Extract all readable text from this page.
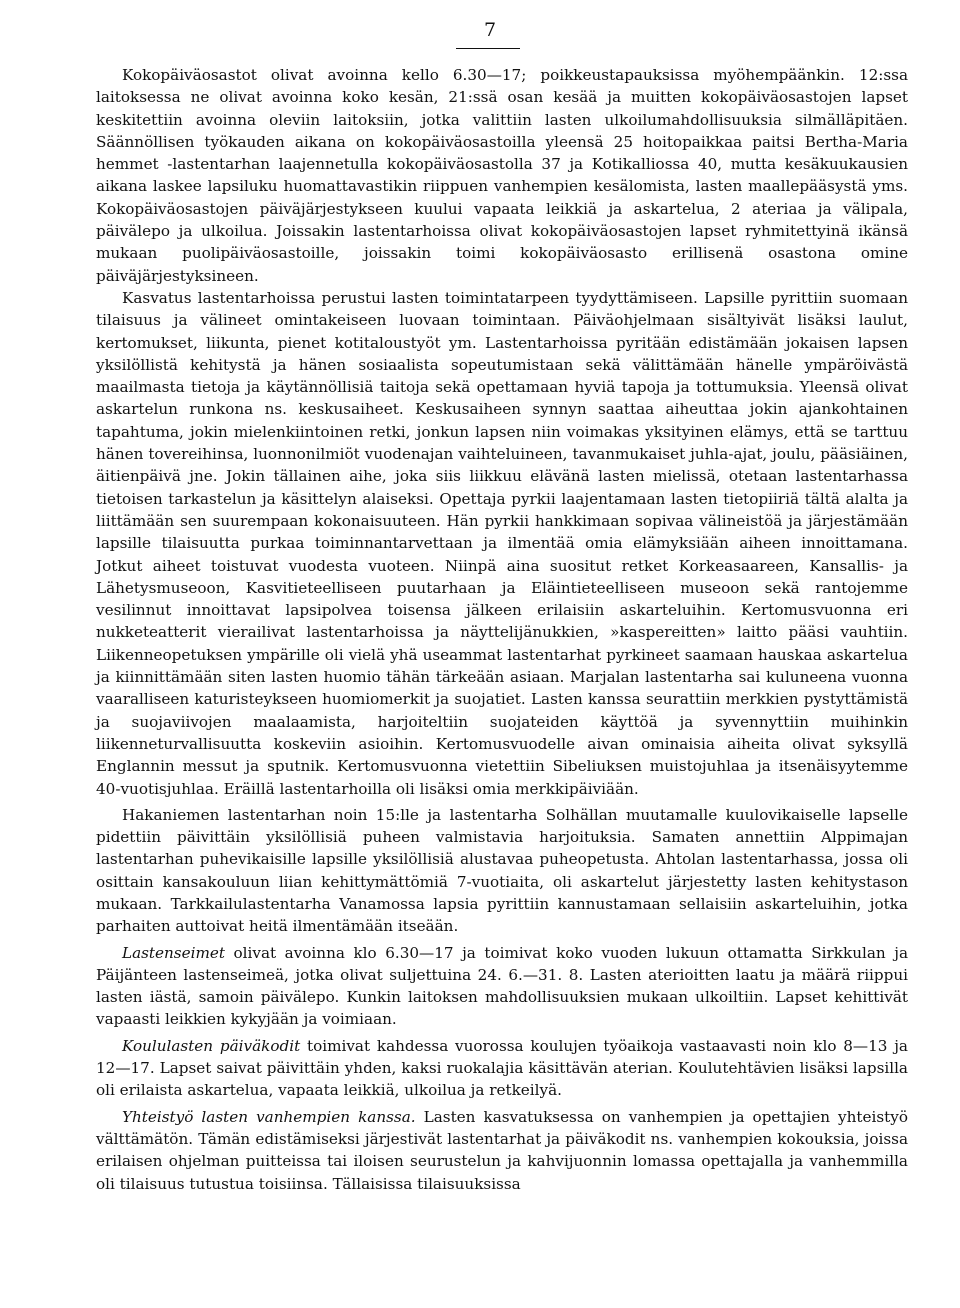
7

Kokopäiväosastot olivat avoinna kello 6.30—17; poikkeustapauksissa myöhempäänkin. 12:ssa laitoksessa ne olivat avoinna koko kesän, 21:ssä osan kesää ja muitten kokopäiväosastojen lapset keskitettiin avoinna oleviin laitoksiin, jotka valittiin lasten ulkoilumahdollisuuksia silmälläpitäen. Säännöllisen työkauden aikana on kokopäiväosastoilla yleensä 25 hoitopaikkaa paitsi Bertha-Maria hemmet -lastentarhan laajennetulla kokopäiväosastolla 37 ja Kotikalliossa 40, mutta kesäkuukausien aikana laskee lapsiluku huomattavastikin riippuen vanhempien kesälomista, lasten maallepääsystä yms. Kokopäiväosastojen päiväjärjestykseen kuului vapaata leikkiä ja askartelua, 2 ateriaa ja välipala, päivälepo ja ulkoilua. Joissakin lastentarhoissa olivat kokopäiväosastojen lapset ryhmitettyinä ikänsä mukaan puolipäiväosastoille, joissakin toimi kokopäiväosasto erillisenä osastona omine päiväjärjestyksineen.

Kasvatus lastentarhoissa perustui lasten toimintatarpeen tyydyttämiseen. Lapsille pyrittiin suomaan tilaisuus ja välineet omintakeiseen luovaan toimintaan. Päiväohjelmaan sisältyivät lisäksi laulut, kertomukset, liikunta, pienet kotitaloustyöt ym. Lastentarhoissa pyritään edistämään jokaisen lapsen yksilöllistä kehitystä ja hänen sosiaalista sopeutumistaan sekä välittämään hänelle ympäröivästä maailmasta tietoja ja käytännöllisiä taitoja sekä opettamaan hyviä tapoja ja tottumuksia. Yleensä olivat askartelun runkona ns. keskusaiheet. Keskusaiheen synnyn saattaa aiheuttaa jokin ajankohtainen tapahtuma, jokin mielenkiintoinen retki, jonkun lapsen niin voimakas yksityinen elämys, että se tarttuu hänen tovereihinsa, luonnonilmiöt vuodenajan vaihteluineen, tavanmukaiset juhla-ajat, joulu, pääsiäinen, äitienpäivä jne. Jokin tällainen aihe, joka siis liikkuu elävänä lasten mielissä, otetaan lastentarhassa tietoisen tarkastelun ja käsittelyn alaiseksi. Opettaja pyrkii laajentamaan lasten tietopiiriä tältä alalta ja liittämään sen suurempaan kokonaisuuteen. Hän pyrkii hankkimaan sopivaa välineistöä ja järjestämään lapsille tilaisuutta purkaa toiminnantarvettaan ja ilmentää omia elämyksiään aiheen innoittamana. Jotkut aiheet toistuvat vuodesta vuoteen. Niinpä aina suositut retket Korkeasaareen, Kansallis- ja Lähetysmuseoon, Kasvitieteelliseen puutarhaan ja Eläintieteelliseen museoon sekä rantojemme vesilinnut innoittavat lapsipolvea toisensa jälkeen erilaisiin askarteluihin. Kertomusvuonna eri nukketeatterit vierailivat lastentarhoissa ja näyttelijänukkien, »kaspereitten» laitto pääsi vauhtiin. Liikenneopetuksen ympärille oli vielä yhä useammat lastentarhat pyrkineet saamaan hauskaa askartelua ja kiinnittämään siten lasten huomio tähän tärkeään asiaan. Marjalan lastentarha sai kuluneena vuonna vaaralliseen katuristeykseen huomiomerkit ja suojatiet. Lasten kanssa seurattiin merkkien pystyttämistä ja suojaviivojen maalaamista, harjoiteltiin suojateiden käyttöä ja syvennyttiin muihinkin liikenneturvallisuutta koskeviin asioihin. Kertomusvuodelle aivan ominaisia aiheita olivat syksyllä Englannin messut ja sputnik. Kertomusvuonna vietettiin Sibeliuksen muistojuhlaa ja itsenäisyytemme 40-vuotisjuhlaa. Eräillä lastentarhoilla oli lisäksi omia merkkipäiviään.

Hakaniemen lastentarhan noin 15:lle ja lastentarha Solhällan muutamalle kuulovikaiselle lapselle pidettiin päivittäin yksilöllisiä puheen valmistavia harjoituksia. Samaten annettiin Alppimajan lastentarhan puhevikaisille lapsille yksilöllisiä alustavaa puheopetusta. Ahtolan lastentarhassa, jossa oli osittain kansakouluun liian kehittymättömiä 7-vuotiaita, oli askartelut järjestetty lasten kehitystason mukaan. Tarkkailulastentarha Vanamossa lapsia pyrittiin kannustamaan sellaisiin askarteluihin, jotka parhaiten auttoivat heitä ilmentämään itseään.

Lastenseimet olivat avoinna klo 6.30—17 ja toimivat koko vuoden lukuun ottamatta Sirkkulan ja Päijänteen lastenseimeä, jotka olivat suljettuina 24. 6.—31. 8. Lasten aterioitten laatu ja määrä riippui lasten iästä, samoin päivälepo. Kunkin laitoksen mahdollisuuksien mukaan ulkoiltiin. Lapset kehittivät vapaasti leikkien kykyjään ja voimiaan.

Koululasten päiväkodit toimivat kahdessa vuorossa koulujen työaikoja vastaavasti noin klo 8—13 ja 12—17. Lapset saivat päivittäin yhden, kaksi ruokalajia käsittävän aterian. Koulutehtävien lisäksi lapsilla oli erilaista askartelua, vapaata leikkiä, ulkoilua ja retkeilyä.

Yhteistyö lasten vanhempien kanssa. Lasten kasvatuksessa on vanhempien ja opettajien yhteistyö välttämätön. Tämän edistämiseksi järjestivät lastentarhat ja päiväkodit ns. vanhempien kokouksia, joissa erilaisen ohjelman puitteissa tai iloisen seurustelun ja kahvijuonnin lomassa opettajalla ja vanhemmilla oli tilaisuus tutustua toisiinsa. Tällaisissa tilaisuuksissa
